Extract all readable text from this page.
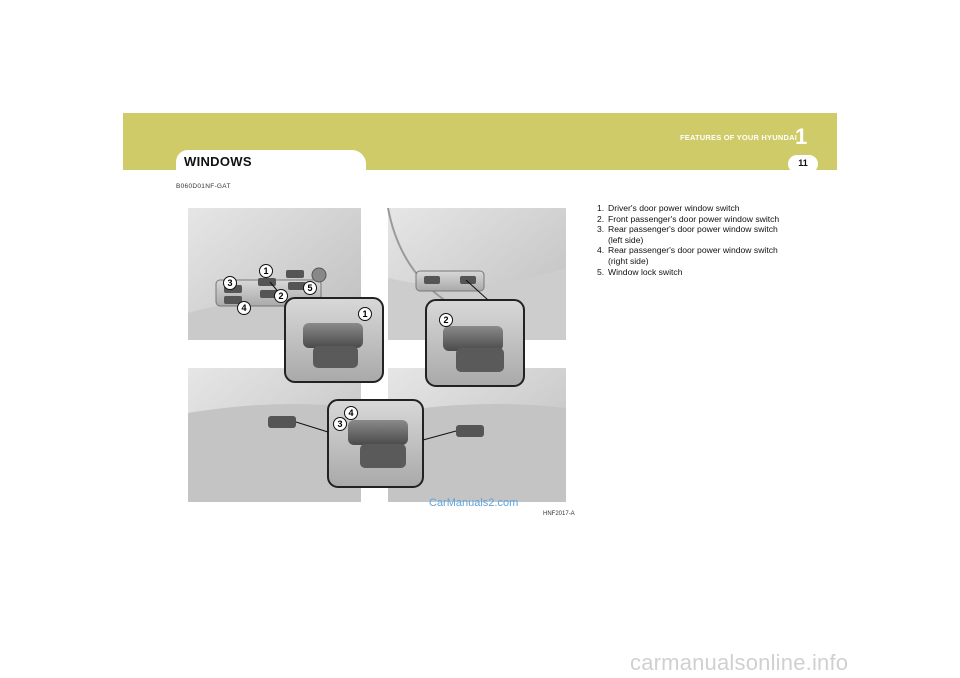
WINDOWS
FEATURES OF YOUR HYUNDAI
1
11
B060D01NF-GAT
1
2
3
4
5
1
2
3
4
CarManuals2.com
HNF2017-A
1. Driver's door power window switch
2. Front passenger's door power window switch
3. Rear passenger's door power window switch (left side)
4. Rear passenger's door power window switch (right side)
5. Window lock switch
carmanualsonline.info
